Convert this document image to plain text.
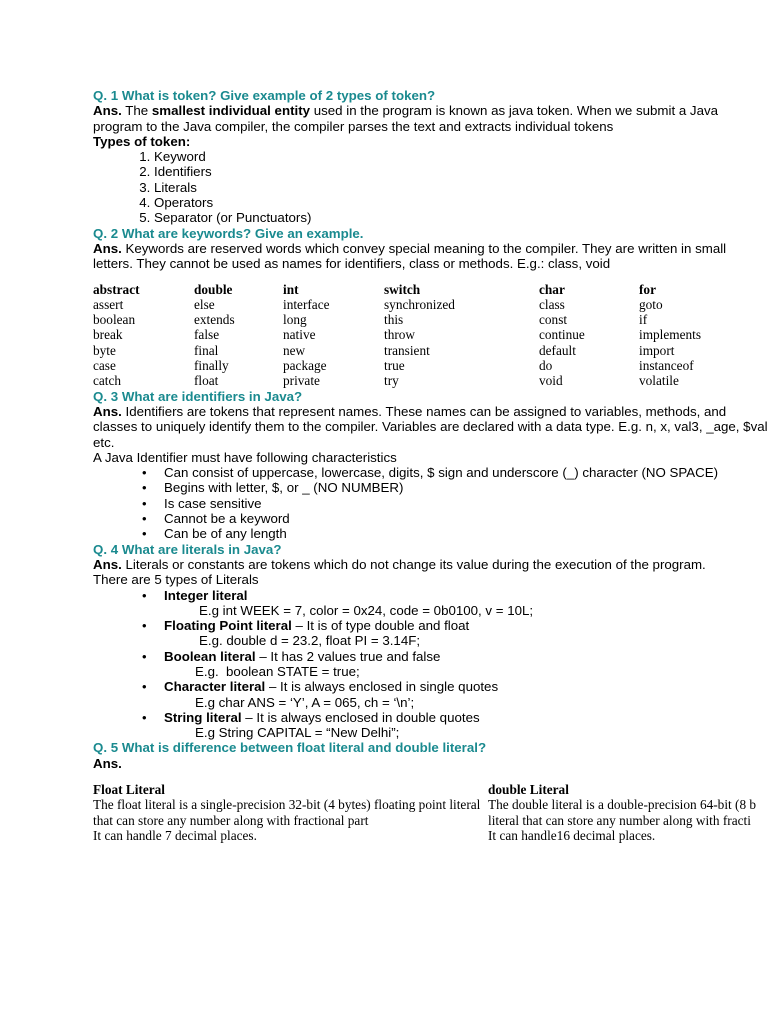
Q. 1 What is token? Give example of 2 types of token?

Ans. The smallest individual entity used in the program is known as java token. When we submit a Java program to the Java compiler, the compiler parses the text and extracts individual tokens

Types of token:

1. Keyword
2. Identifiers
3. Literals
4. Operators
5. Separator (or Punctuators)

Q. 2 What are keywords? Give an example.

Ans. Keywords are reserved words which convey special meaning to the compiler. They are written in small letters. They cannot be used as names for identifiers, class or methods. E.g.: class, void

abstract	double	int	switch	char	for
assert	else	interface	synchronized	class	goto
boolean	extends	long	this	const	if
break	false	native	throw	continue	implements
byte	final	new	transient	default	import
case	finally	package	true	do	instanceof
catch	float	private	try	void	volatile

Q. 3 What are identifiers in Java?

Ans. Identifiers are tokens that represent names. These names can be assigned to variables, methods, and classes to uniquely identify them to the compiler. Variables are declared with a data type. E.g. n, x, val3, _age, $val etc.

A Java Identifier must have following characteristics

• Can consist of uppercase, lowercase, digits, $ sign and underscore (_) character (NO SPACE)
• Begins with letter, $, or _ (NO NUMBER)
• Is case sensitive
• Cannot be a keyword
• Can be of any length

Q. 4 What are literals in Java?

Ans. Literals or constants are tokens which do not change its value during the execution of the program.

There are 5 types of Literals

• Integer literal
E.g int WEEK = 7, color = 0x24, code = 0b0100, v = 10L;
• Floating Point literal – It is of type double and float
E.g. double d = 23.2, float PI = 3.14F;
• Boolean literal – It has 2 values true and false
E.g.  boolean STATE = true;
• Character literal – It is always enclosed in single quotes
E.g char ANS = ‘Y’, A = 065, ch = ‘\n’;
• String literal – It is always enclosed in double quotes
E.g String CAPITAL = “New Delhi”;

Q. 5 What is difference between float literal and double literal?

Ans.

Float Literal
The float literal is a single-precision 32-bit (4 bytes) floating point literal that can store any number along with fractional part
It can handle 7 decimal places.
double Literal
The double literal is a double-precision 64-bit (8 b
literal that can store any number along with fracti
It can handle16 decimal places.
